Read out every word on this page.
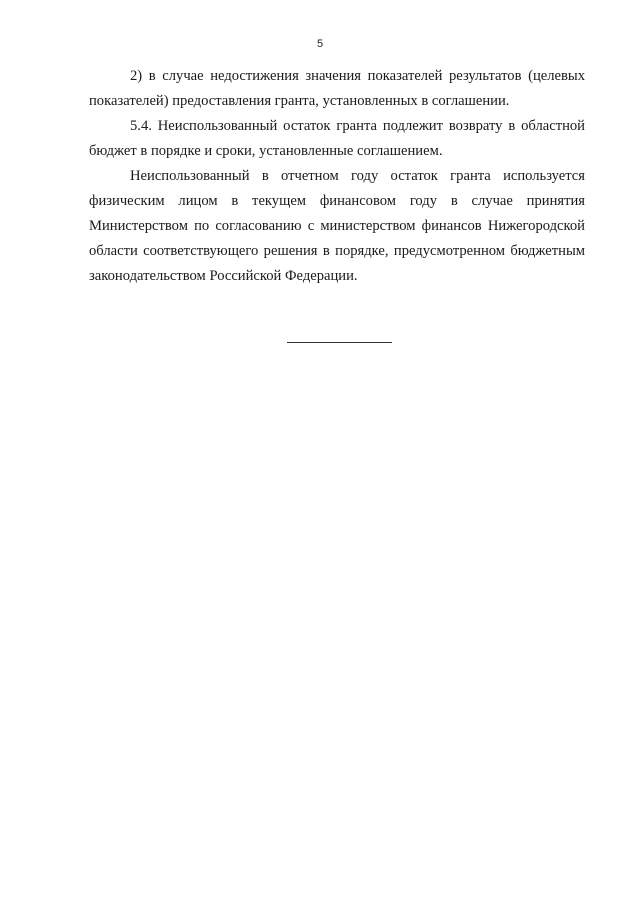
5

2) в случае недостижения значения показателей результатов (целевых показателей) предоставления гранта, установленных в соглашении.

5.4. Неиспользованный остаток гранта подлежит возврату в областной бюджет в порядке и сроки, установленные соглашением.

Неиспользованный в отчетном году остаток гранта используется физическим лицом в текущем финансовом году в случае принятия Министерством по согласованию с министерством финансов Нижегородской области соответствующего решения в порядке, предусмотренном бюджетным законодательством Российской Федерации.
